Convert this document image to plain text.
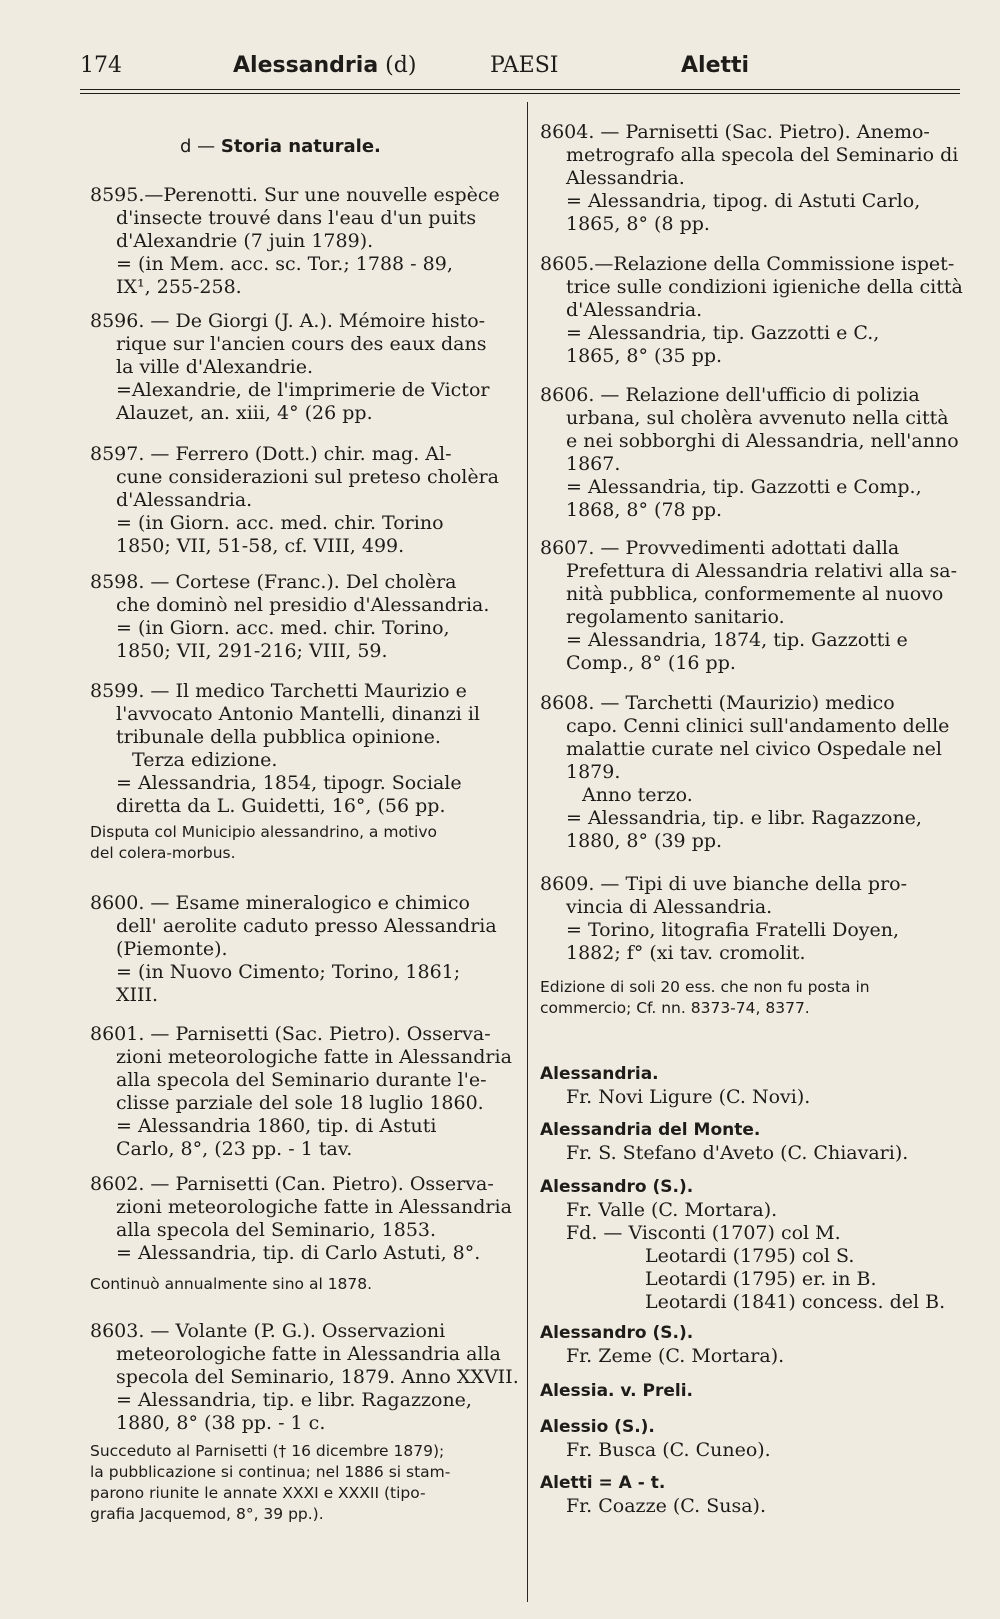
174	Alessandria (d)	PAESI	Aletti
d — Storia naturale.
8595.—Perenotti. Sur une nouvelle espèce
d'insecte trouvé dans l'eau d'un puits
d'Alexandrie (7 juin 1789).
= (in Mem. acc. sc. Tor.; 1788 - 89,
IX¹, 255-258.
8596. — De Giorgi (J. A.). Mémoire histo-
rique sur l'ancien cours des eaux dans
la ville d'Alexandrie.
=Alexandrie, de l'imprimerie de Victor
Alauzet, an. xiii, 4° (26 pp.
8597. — Ferrero (Dott.) chir. mag. Al-
cune considerazioni sul preteso cholèra
d'Alessandria.
= (in Giorn. acc. med. chir. Torino
1850; VII, 51-58, cf. VIII, 499.
8598. — Cortese (Franc.). Del cholèra
che dominò nel presidio d'Alessandria.
= (in Giorn. acc. med. chir. Torino,
1850; VII, 291-216; VIII, 59.
8599. — Il medico Tarchetti Maurizio e
l'avvocato Antonio Mantelli, dinanzi il
tribunale della pubblica opinione.
Terza edizione.
= Alessandria, 1854, tipogr. Sociale
diretta da L. Guidetti, 16°, (56 pp.
Disputa col Municipio alessandrino, a motivo
del colera-morbus.
8600. — Esame mineralogico e chimico
dell' aerolite caduto presso Alessandria
(Piemonte).
= (in Nuovo Cimento; Torino, 1861;
XIII.
8601. — Parnisetti (Sac. Pietro). Osserva-
zioni meteorologiche fatte in Alessandria
alla specola del Seminario durante l'e-
clisse parziale del sole 18 luglio 1860.
= Alessandria 1860, tip. di Astuti
Carlo, 8°, (23 pp. - 1 tav.
8602. — Parnisetti (Can. Pietro). Osserva-
zioni meteorologiche fatte in Alessandria
alla specola del Seminario, 1853.
= Alessandria, tip. di Carlo Astuti, 8°.
Continuò annualmente sino al 1878.
8603. — Volante (P. G.). Osservazioni
meteorologiche fatte in Alessandria alla
specola del Seminario, 1879. Anno XXVII.
= Alessandria, tip. e libr. Ragazzone,
1880, 8° (38 pp. - 1 c.
Succeduto al Parnisetti († 16 dicembre 1879);
la pubblicazione si continua; nel 1886 si stam-
parono riunite le annate XXXI e XXXII (tipo-
grafia Jacquemod, 8°, 39 pp.).
8604. — Parnisetti (Sac. Pietro). Anemo-
metrografo alla specola del Seminario di
Alessandria.
= Alessandria, tipog. di Astuti Carlo,
1865, 8° (8 pp.
8605.—Relazione della Commissione ispet-
trice sulle condizioni igieniche della città
d'Alessandria.
= Alessandria, tip. Gazzotti e C.,
1865, 8° (35 pp.
8606. — Relazione dell'ufficio di polizia
urbana, sul cholèra avvenuto nella città
e nei sobborghi di Alessandria, nell'anno
1867.
= Alessandria, tip. Gazzotti e Comp.,
1868, 8° (78 pp.
8607. — Provvedimenti adottati dalla
Prefettura di Alessandria relativi alla sa-
nità pubblica, conformemente al nuovo
regolamento sanitario.
= Alessandria, 1874, tip. Gazzotti e
Comp., 8° (16 pp.
8608. — Tarchetti (Maurizio) medico
capo. Cenni clinici sull'andamento delle
malattie curate nel civico Ospedale nel
1879.
Anno terzo.
= Alessandria, tip. e libr. Ragazzone,
1880, 8° (39 pp.
8609. — Tipi di uve bianche della pro-
vincia di Alessandria.
= Torino, litografia Fratelli Doyen,
1882; f° (xi tav. cromolit.
Edizione di soli 20 ess. che non fu posta in
commercio; Cf. nn. 8373-74, 8377.
Alessandria.
Fr. Novi Ligure (C. Novi).
Alessandria del Monte.
Fr. S. Stefano d'Aveto (C. Chiavari).
Alessandro (S.).
Fr. Valle (C. Mortara).
Fd. — Visconti (1707) col M.
Leotardi (1795) col S.
Leotardi (1795) er. in B.
Leotardi (1841) concess. del B.
Alessandro (S.).
Fr. Zeme (C. Mortara).
Alessia. v. Preli.
Alessio (S.).
Fr. Busca (C. Cuneo).
Aletti = A - t.
Fr. Coazze (C. Susa).
